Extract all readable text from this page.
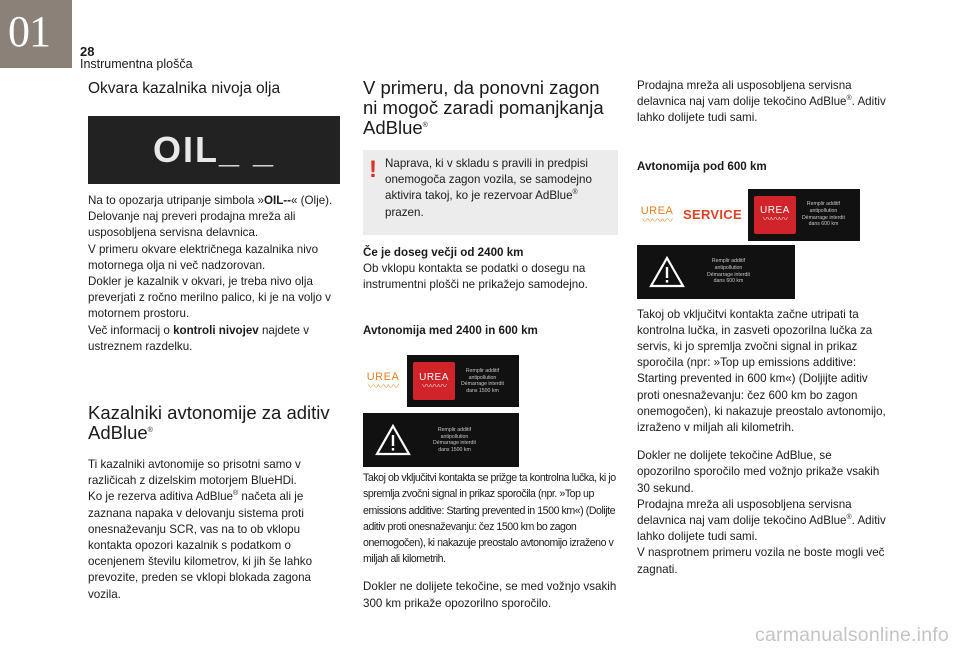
01 28
Instrumentna plošča
Okvara kazalnika nivoja olja
OIL_ _

Na to opozarja utripanje simbola »OIL--« (Olje). Delovanje naj preveri prodajna mreža ali usposobljena servisna delavnica.
V primeru okvare električnega kazalnika nivo motornega olja ni več nadzorovan.
Dokler je kazalnik v okvari, je treba nivo olja preverjati z ročno merilno palico, ki je na voljo v motornem prostoru.
Več informacij o kontroli nivojev najdete v ustreznem razdelku.

Kazalniki avtonomije za aditiv AdBlue®

Ti kazalniki avtonomije so prisotni samo v različicah z dizelskim motorjem BlueHDi.
Ko je rezerva aditiva AdBlue® načeta ali je zaznana napaka v delovanju sistema proti onesnaževanju SCR, vas na to ob vklopu kontakta opozori kazalnik s podatkom o ocenjenem številu kilometrov, ki jih še lahko prevozite, preden se vklopi blokada zagona vozila.

V primeru, da ponovni zagon ni mogoč zaradi pomanjkanja AdBlue®
! Naprava, ki v skladu s pravili in predpisi onemogoča zagon vozila, se samodejno aktivira takoj, ko je rezervoar AdBlue® prazen.

Če je doseg večji od 2400 km

Ob vklopu kontakta se podatki o dosegu na instrumentni plošči ne prikažejo samodejno.

Avtonomija med 2400 in 600 km
UREA
〰〰〰
UREA
〰〰〰
Remplir additif
antipollution
Démarrage interdit
dans 1500 km
Remplir additif
antipollution
Démarrage interdit
dans 1500 km

Takoj ob vključitvi kontakta se prižge ta kontrolna lučka, ki jo spremlja zvočni signal in prikaz sporočila (npr. »Top up emissions additive: Starting prevented in 1500 km«) (Dolijte aditiv proti onesnaževanju: čez 1500 km bo zagon onemogočen), ki nakazuje preostalo avtonomijo izraženo v miljah ali kilometrih.

Dokler ne dolijete tekočine, se med vožnjo vsakih 300 km prikaže opozorilno sporočilo.

Prodajna mreža ali usposobljena servisna delavnica naj vam dolije tekočino AdBlue®. Aditiv lahko dolijete tudi sami.

Avtonomija pod 600 km
UREA
〰〰〰 SERVICE UREA
〰〰〰
Remplir additif
antipollution
Démarrage interdit
dans 600 km
Remplir additif
antipollution
Démarrage interdit
dans 600 km

Takoj ob vključitvi kontakta začne utripati ta kontrolna lučka, in zasveti opozorilna lučka za servis, ki jo spremlja zvočni signal in prikaz sporočila (npr: »Top up emissions additive: Starting prevented in 600 km«) (Doljijte aditiv proti onesnaževanju: čez 600 km bo zagon onemogočen), ki nakazuje preostalo avtonomijo, izraženo v miljah ali kilometrih.

Dokler ne dolijete tekočine AdBlue, se opozorilno sporočilo med vožnjo prikaže vsakih 30 sekund.
Prodajna mreža ali usposobljena servisna delavnica naj vam dolije tekočino AdBlue®. Aditiv lahko dolijete tudi sami.
V nasprotnem primeru vozila ne boste mogli več zagnati.

carmanualsonline.info
